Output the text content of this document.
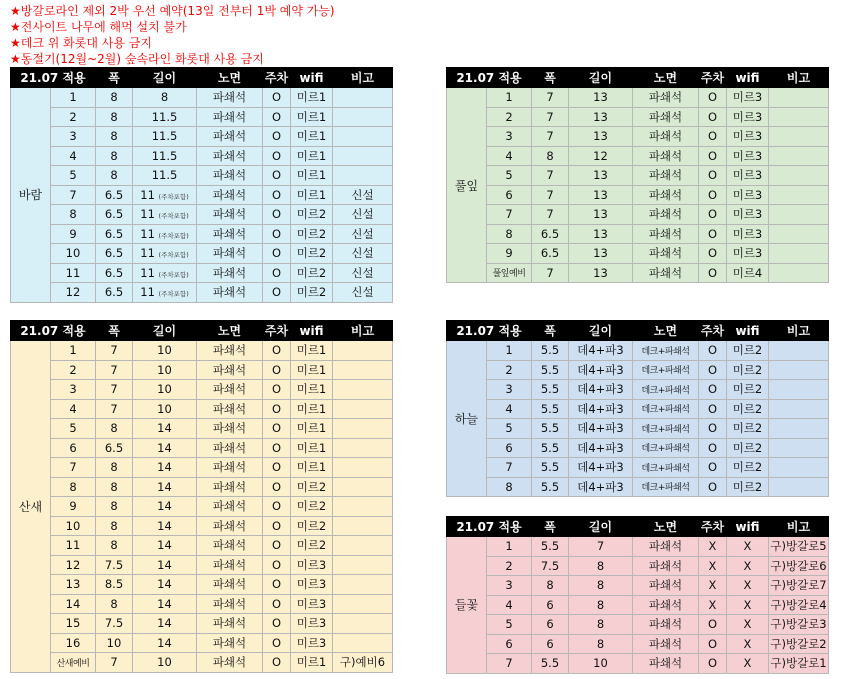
★방갈로라인 제외 2박 우선 예약(13일 전부터 1박 예약 가능)
★전사이트 나무에 해먹 설치 불가
★데크 위 화롯대 사용 금지
★동절기(12월~2월) 숲속라인 화롯대 사용 금지
21.07 적용		폭	길이	노면	주차	wifi	비고
바람	1	8	8	파쇄석	O	미르1	
	2	8	11.5	파쇄석	O	미르1	
	3	8	11.5	파쇄석	O	미르1	
	4	8	11.5	파쇄석	O	미르1	
	5	8	11.5	파쇄석	O	미르1	
	7	6.5	11 (주차포함)	파쇄석	O	미르1	신설
	8	6.5	11 (주차포함)	파쇄석	O	미르2	신설
	9	6.5	11 (주차포함)	파쇄석	O	미르2	신설
	10	6.5	11 (주차포함)	파쇄석	O	미르2	신설
	11	6.5	11 (주차포함)	파쇄석	O	미르2	신설
	12	6.5	11 (주차포함)	파쇄석	O	미르2	신설
21.07 적용		폭	길이	노면	주차	wifi	비고
풀잎	1	7	13	파쇄석	O	미르3	
	2	7	13	파쇄석	O	미르3	
	3	7	13	파쇄석	O	미르3	
	4	8	12	파쇄석	O	미르3	
	5	7	13	파쇄석	O	미르3	
	6	7	13	파쇄석	O	미르3	
	7	7	13	파쇄석	O	미르3	
	8	6.5	13	파쇄석	O	미르3	
	9	6.5	13	파쇄석	O	미르3	
	풀잎예비	7	13	파쇄석	O	미르4	
21.07 적용		폭	길이	노면	주차	wifi	비고
산새	1	7	10	파쇄석	O	미르1	
	2	7	10	파쇄석	O	미르1	
	3	7	10	파쇄석	O	미르1	
	4	7	10	파쇄석	O	미르1	
	5	8	14	파쇄석	O	미르1	
	6	6.5	14	파쇄석	O	미르1	
	7	8	14	파쇄석	O	미르1	
	8	8	14	파쇄석	O	미르2	
	9	8	14	파쇄석	O	미르2	
	10	8	14	파쇄석	O	미르2	
	11	8	14	파쇄석	O	미르2	
	12	7.5	14	파쇄석	O	미르3	
	13	8.5	14	파쇄석	O	미르3	
	14	8	14	파쇄석	O	미르3	
	15	7.5	14	파쇄석	O	미르3	
	16	10	14	파쇄석	O	미르3	
	산새예비	7	10	파쇄석	O	미르1	구)예비6
21.07 적용		폭	길이	노면	주차	wifi	비고
하늘	1	5.5	데4+파3	데크+파쇄석	O	미르2	
	2	5.5	데4+파3	데크+파쇄석	O	미르2	
	3	5.5	데4+파3	데크+파쇄석	O	미르2	
	4	5.5	데4+파3	데크+파쇄석	O	미르2	
	5	5.5	데4+파3	데크+파쇄석	O	미르2	
	6	5.5	데4+파3	데크+파쇄석	O	미르2	
	7	5.5	데4+파3	데크+파쇄석	O	미르2	
	8	5.5	데4+파3	데크+파쇄석	O	미르2	
21.07 적용		폭	길이	노면	주차	wifi	비고
들꽃	1	5.5	7	파쇄석	X	X	구)방갈로5
	2	7.5	8	파쇄석	X	X	구)방갈로6
	3	8	8	파쇄석	X	X	구)방갈로7
	4	6	8	파쇄석	X	X	구)방갈로4
	5	6	8	파쇄석	O	X	구)방갈로3
	6	6	8	파쇄석	O	X	구)방갈로2
	7	5.5	10	파쇄석	O	X	구)방갈로1
